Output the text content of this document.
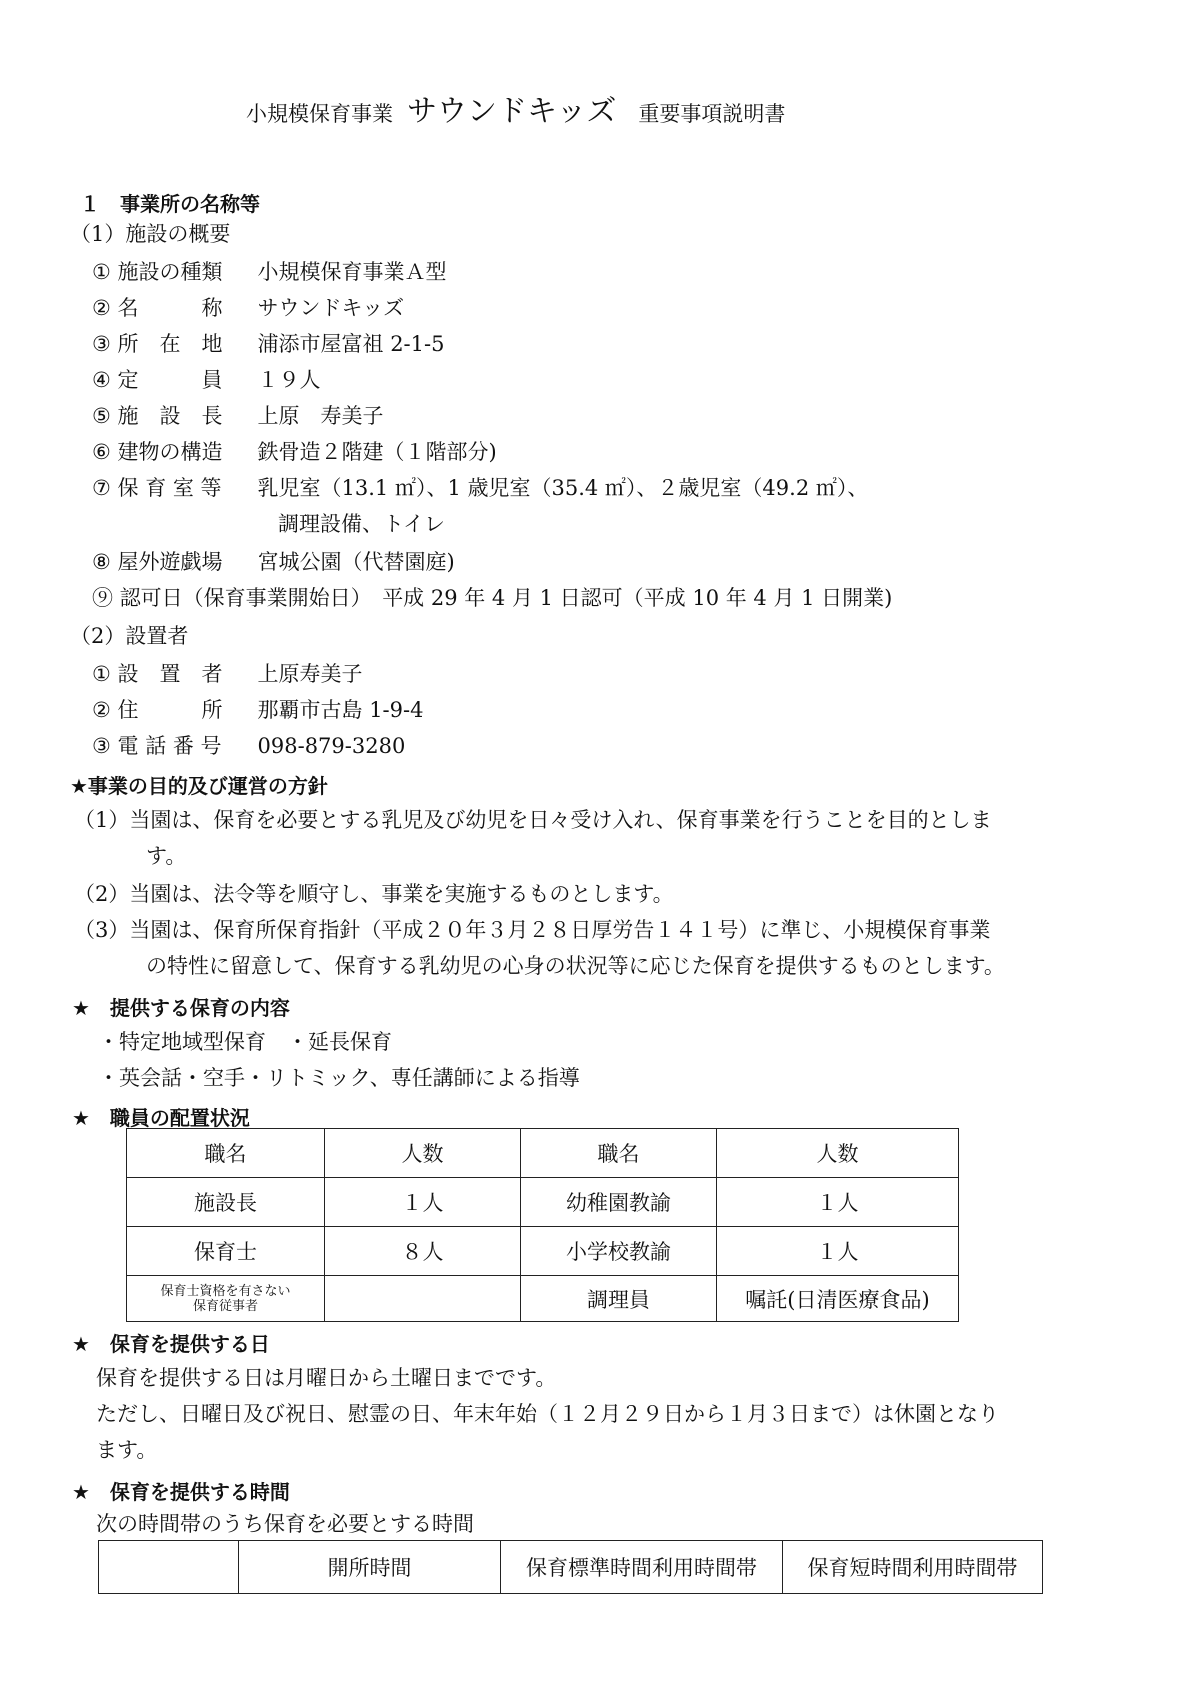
小規模保育事業 サウンドキッズ 重要事項説明書
１　事業所の名称等
（1）施設の概要
① 施設の種類 小規模保育事業Ａ型
② 名　　　称 サウンドキッズ
③ 所　在　地 浦添市屋富祖 2-1-5
④ 定　　　員 １９人
⑤ 施　設　長 上原　寿美子
⑥ 建物の構造 鉄骨造２階建（１階部分)
⑦ 保 育 室 等 乳児室（13.1 ㎡）、1 歳児室（35.4 ㎡）、２歳児室（49.2 ㎡）、
調理設備、トイレ
⑧ 屋外遊戯場 宮城公園（代替園庭)
⑨ 認可日（保育事業開始日）　 平成 29 年 4 月 1 日認可（平成 10 年 4 月 1 日開業)
（2）設置者
① 設　置　者 上原寿美子
② 住　　　所 那覇市古島 1-9-4
③ 電 話 番 号 098-879-3280
★事業の目的及び運営の方針
（1）当園は、保育を必要とする乳児及び幼児を日々受け入れ、保育事業を行うことを目的としま
す。
（2）当園は、法令等を順守し、事業を実施するものとします。
（3）当園は、保育所保育指針（平成２０年３月２８日厚労告１４１号）に準じ、小規模保育事業
の特性に留意して、保育する乳幼児の心身の状況等に応じた保育を提供するものとします。
★　提供する保育の内容
・特定地域型保育　・延長保育
・英会話・空手・リトミック、専任講師による指導
★　職員の配置状況
職名	人数	職名	人数
施設長	１人	幼稚園教諭	１人
保育士	８人	小学校教諭	１人

保育士資格を有さない
保育従事者		調理員	嘱託(日清医療食品)
★　保育を提供する日
保育を提供する日は月曜日から土曜日までです。
ただし、日曜日及び祝日、慰霊の日、年末年始（１２月２９日から１月３日まで）は休園となり
ます。
★　保育を提供する時間
次の時間帯のうち保育を必要とする時間
	開所時間	保育標準時間利用時間帯	保育短時間利用時間帯
